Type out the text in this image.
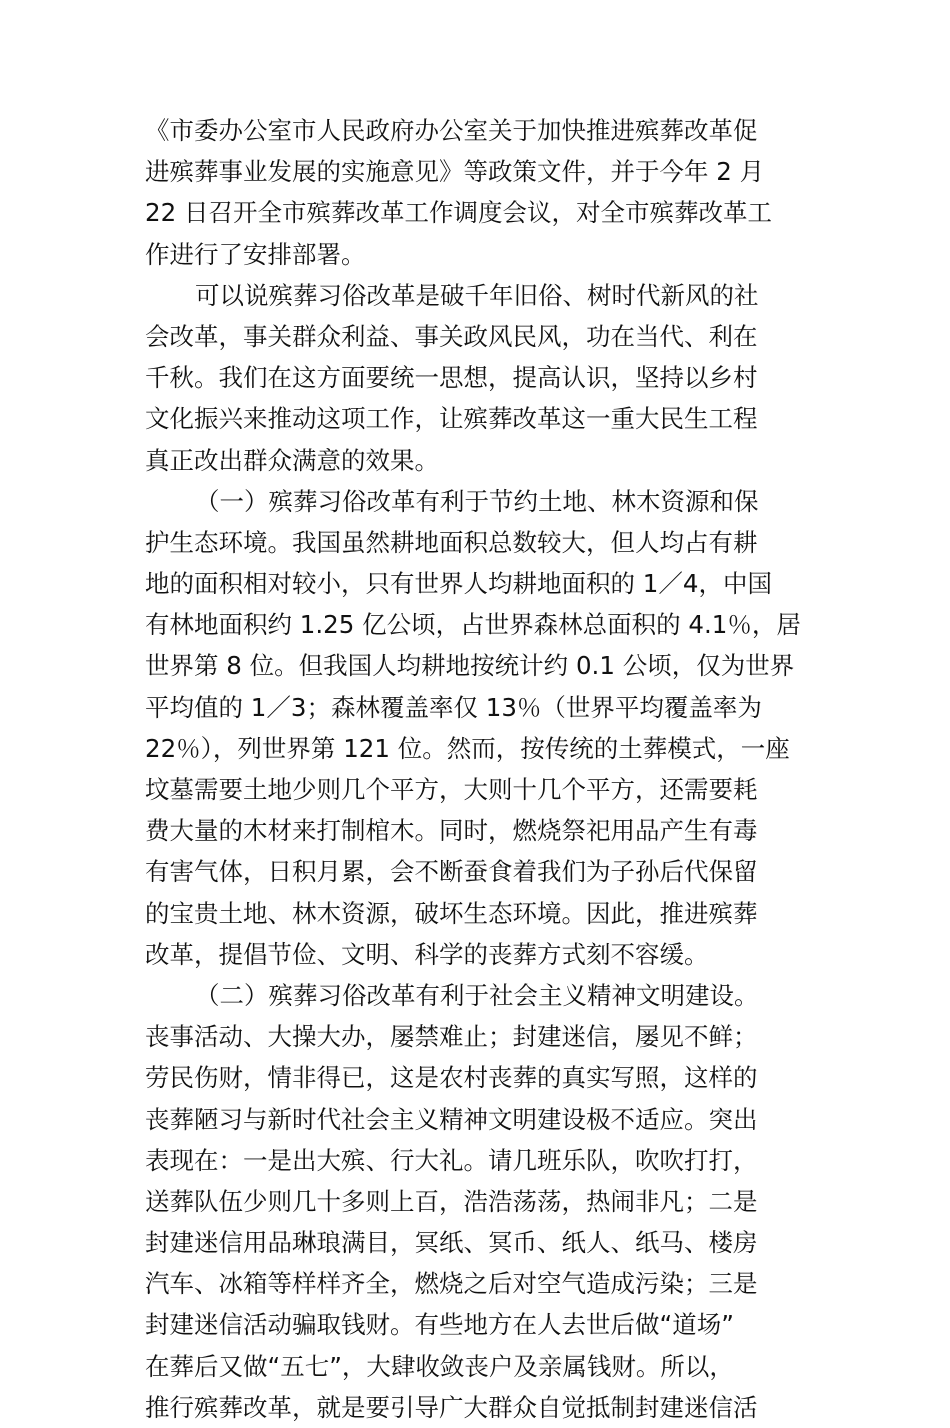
《市委办公室市人民政府办公室关于加快推进殡葬改革促
进殡葬事业发展的实施意见》等政策文件，并于今年 2 月
22 日召开全市殡葬改革工作调度会议，对全市殡葬改革工
作进行了安排部署。
可以说殡葬习俗改革是破千年旧俗、树时代新风的社
会改革，事关群众利益、事关政风民风，功在当代、利在
千秋。我们在这方面要统一思想，提高认识，坚持以乡村
文化振兴来推动这项工作，让殡葬改革这一重大民生工程
真正改出群众满意的效果。
（一）殡葬习俗改革有利于节约土地、林木资源和保
护生态环境。我国虽然耕地面积总数较大，但人均占有耕
地的面积相对较小，只有世界人均耕地面积的 1／4，中国
有林地面积约 1.25 亿公顷，占世界森林总面积的 4.1％，居
世界第 8 位。但我国人均耕地按统计约 0.1 公顷，仅为世界
平均值的 1／3；森林覆盖率仅 13％（世界平均覆盖率为
22％），列世界第 121 位。然而，按传统的土葬模式，一座
坟墓需要土地少则几个平方，大则十几个平方，还需要耗
费大量的木材来打制棺木。同时，燃烧祭祀用品产生有毒
有害气体，日积月累，会不断蚕食着我们为子孙后代保留
的宝贵土地、林木资源，破坏生态环境。因此，推进殡葬
改革，提倡节俭、文明、科学的丧葬方式刻不容缓。
（二）殡葬习俗改革有利于社会主义精神文明建设。
丧事活动、大操大办，屡禁难止；封建迷信，屡见不鲜；
劳民伤财，情非得已，这是农村丧葬的真实写照，这样的
丧葬陋习与新时代社会主义精神文明建设极不适应。突出
表现在：一是出大殡、行大礼。请几班乐队，吹吹打打，
送葬队伍少则几十多则上百，浩浩荡荡，热闹非凡；二是
封建迷信用品琳琅满目，冥纸、冥币、纸人、纸马、楼房
汽车、冰箱等样样齐全，燃烧之后对空气造成污染；三是
封建迷信活动骗取钱财。有些地方在人去世后做“道场”
在葬后又做“五七”，大肆收敛丧户及亲属钱财。所以，
推行殡葬改革，就是要引导广大群众自觉抵制封建迷信活
